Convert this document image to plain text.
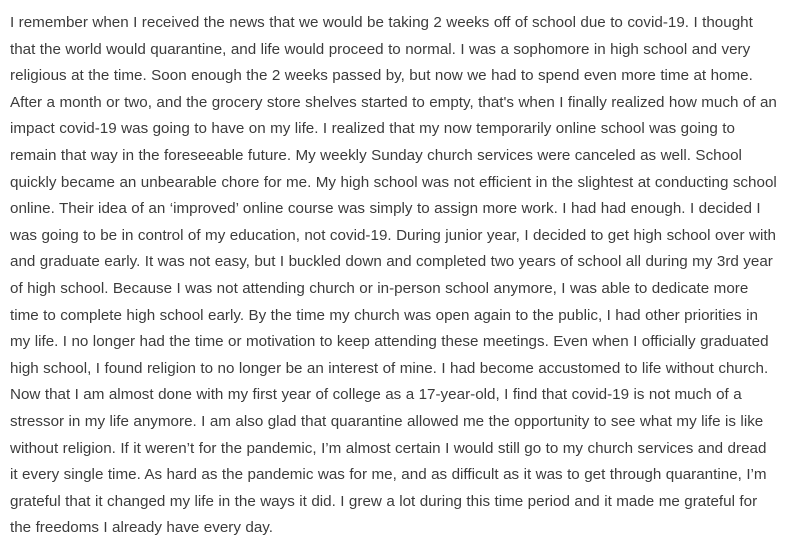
I remember when I received the news that we would be taking 2 weeks off of school due to covid-19. I thought that the world would quarantine, and life would proceed to normal. I was a sophomore in high school and very religious at the time. Soon enough the 2 weeks passed by, but now we had to spend even more time at home. After a month or two, and the grocery store shelves started to empty, that's when I finally realized how much of an impact covid-19 was going to have on my life. I realized that my now temporarily online school was going to remain that way in the foreseeable future. My weekly Sunday church services were canceled as well. School quickly became an unbearable chore for me. My high school was not efficient in the slightest at conducting school online. Their idea of an ‘improved’ online course was simply to assign more work. I had had enough. I decided I was going to be in control of my education, not covid-19. During junior year, I decided to get high school over with and graduate early. It was not easy, but I buckled down and completed two years of school all during my 3rd year of high school. Because I was not attending church or in-person school anymore, I was able to dedicate more time to complete high school early. By the time my church was open again to the public, I had other priorities in my life. I no longer had the time or motivation to keep attending these meetings. Even when I officially graduated high school, I found religion to no longer be an interest of mine. I had become accustomed to life without church. Now that I am almost done with my first year of college as a 17-year-old, I find that covid-19 is not much of a stressor in my life anymore. I am also glad that quarantine allowed me the opportunity to see what my life is like without religion. If it weren’t for the pandemic, I’m almost certain I would still go to my church services and dread it every single time. As hard as the pandemic was for me, and as difficult as it was to get through quarantine, I’m grateful that it changed my life in the ways it did. I grew a lot during this time period and it made me grateful for the freedoms I already have every day.
